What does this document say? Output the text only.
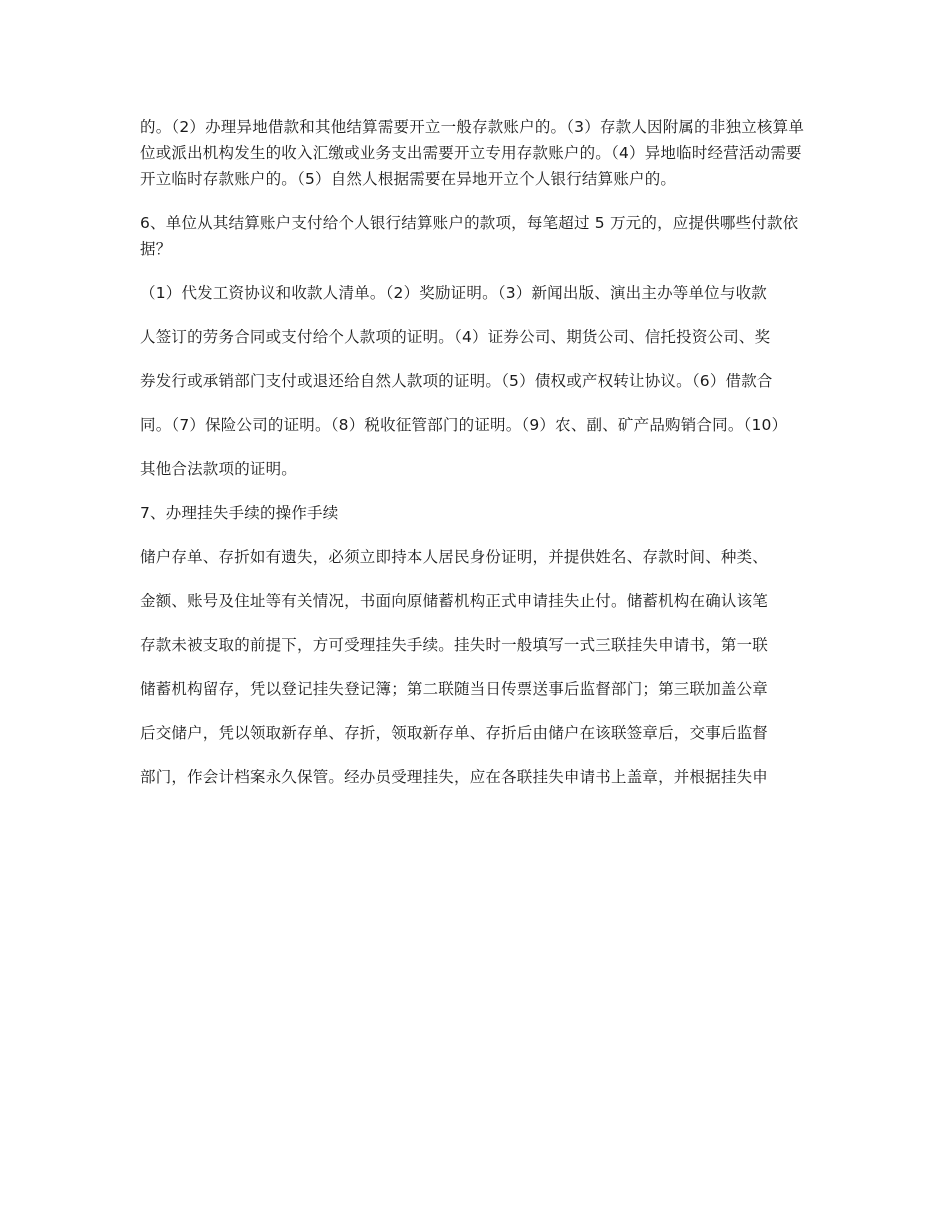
的。（2）办理异地借款和其他结算需要开立一般存款账户的。（3）存款人因附属的非独立核算单位或派出机构发生的收入汇缴或业务支出需要开立专用存款账户的。（4）异地临时经营活动需要开立临时存款账户的。（5）自然人根据需要在异地开立个人银行结算账户的。

6、单位从其结算账户支付给个人银行结算账户的款项，每笔超过 5 万元的，应提供哪些付款依据？

（1）代发工资协议和收款人清单。（2）奖励证明。（3）新闻出版、演出主办等单位与收款

人签订的劳务合同或支付给个人款项的证明。（4）证券公司、期货公司、信托投资公司、奖

券发行或承销部门支付或退还给自然人款项的证明。（5）债权或产权转让协议。（6）借款合

同。（7）保险公司的证明。（8）税收征管部门的证明。（9）农、副、矿产品购销合同。（10）

其他合法款项的证明。

7、办理挂失手续的操作手续

储户存单、存折如有遗失，必须立即持本人居民身份证明，并提供姓名、存款时间、种类、

金额、账号及住址等有关情况，书面向原储蓄机构正式申请挂失止付。储蓄机构在确认该笔

存款未被支取的前提下，方可受理挂失手续。挂失时一般填写一式三联挂失申请书，第一联

储蓄机构留存，凭以登记挂失登记簿；第二联随当日传票送事后监督部门；第三联加盖公章

后交储户，凭以领取新存单、存折，领取新存单、存折后由储户在该联签章后，交事后监督

部门，作会计档案永久保管。经办员受理挂失，应在各联挂失申请书上盖章，并根据挂失申
